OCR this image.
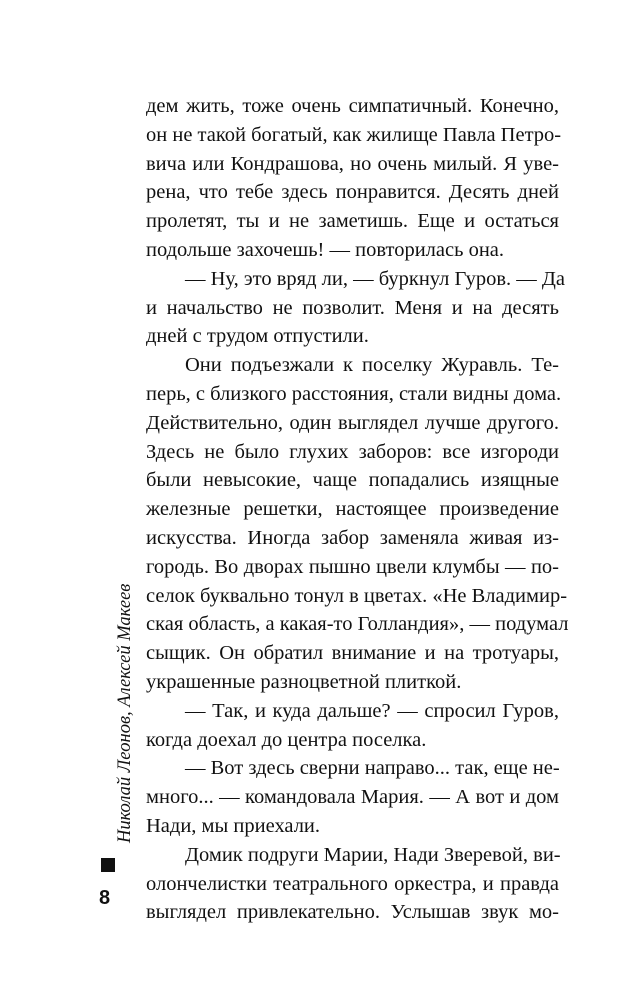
дем жить, тоже очень симпатичный. Конечно,
он не такой богатый, как жилище Павла Петро-
вича или Кондрашова, но очень милый. Я уве-
рена, что тебе здесь понравится. Десять дней
пролетят, ты и не заметишь. Еще и остаться
подольше захочешь! — повторилась она.
— Ну, это вряд ли, — буркнул Гуров. — Да
и начальство не позволит. Меня и на десять
дней с трудом отпустили.
Они подъезжали к поселку Журавль. Те-
перь, с близкого расстояния, стали видны дома.
Действительно, один выглядел лучше другого.
Здесь не было глухих заборов: все изгороди
были невысокие, чаще попадались изящные
железные решетки, настоящее произведение
искусства. Иногда забор заменяла живая из-
городь. Во дворах пышно цвели клумбы — по-
селок буквально тонул в цветах. «Не Владимир-
ская область, а какая-то Голландия», — подумал
сыщик. Он обратил внимание и на тротуары,
украшенные разноцветной плиткой.
— Так, и куда дальше? — спросил Гуров,
когда доехал до центра поселка.
— Вот здесь сверни направо... так, еще не-
много... — командовала Мария. — А вот и дом
Нади, мы приехали.
Домик подруги Марии, Нади Зверевой, ви-
олончелистки театрального оркестра, и правда
выглядел привлекательно. Услышав звук мо-
Николай Леонов, Алексей Макеев
8
